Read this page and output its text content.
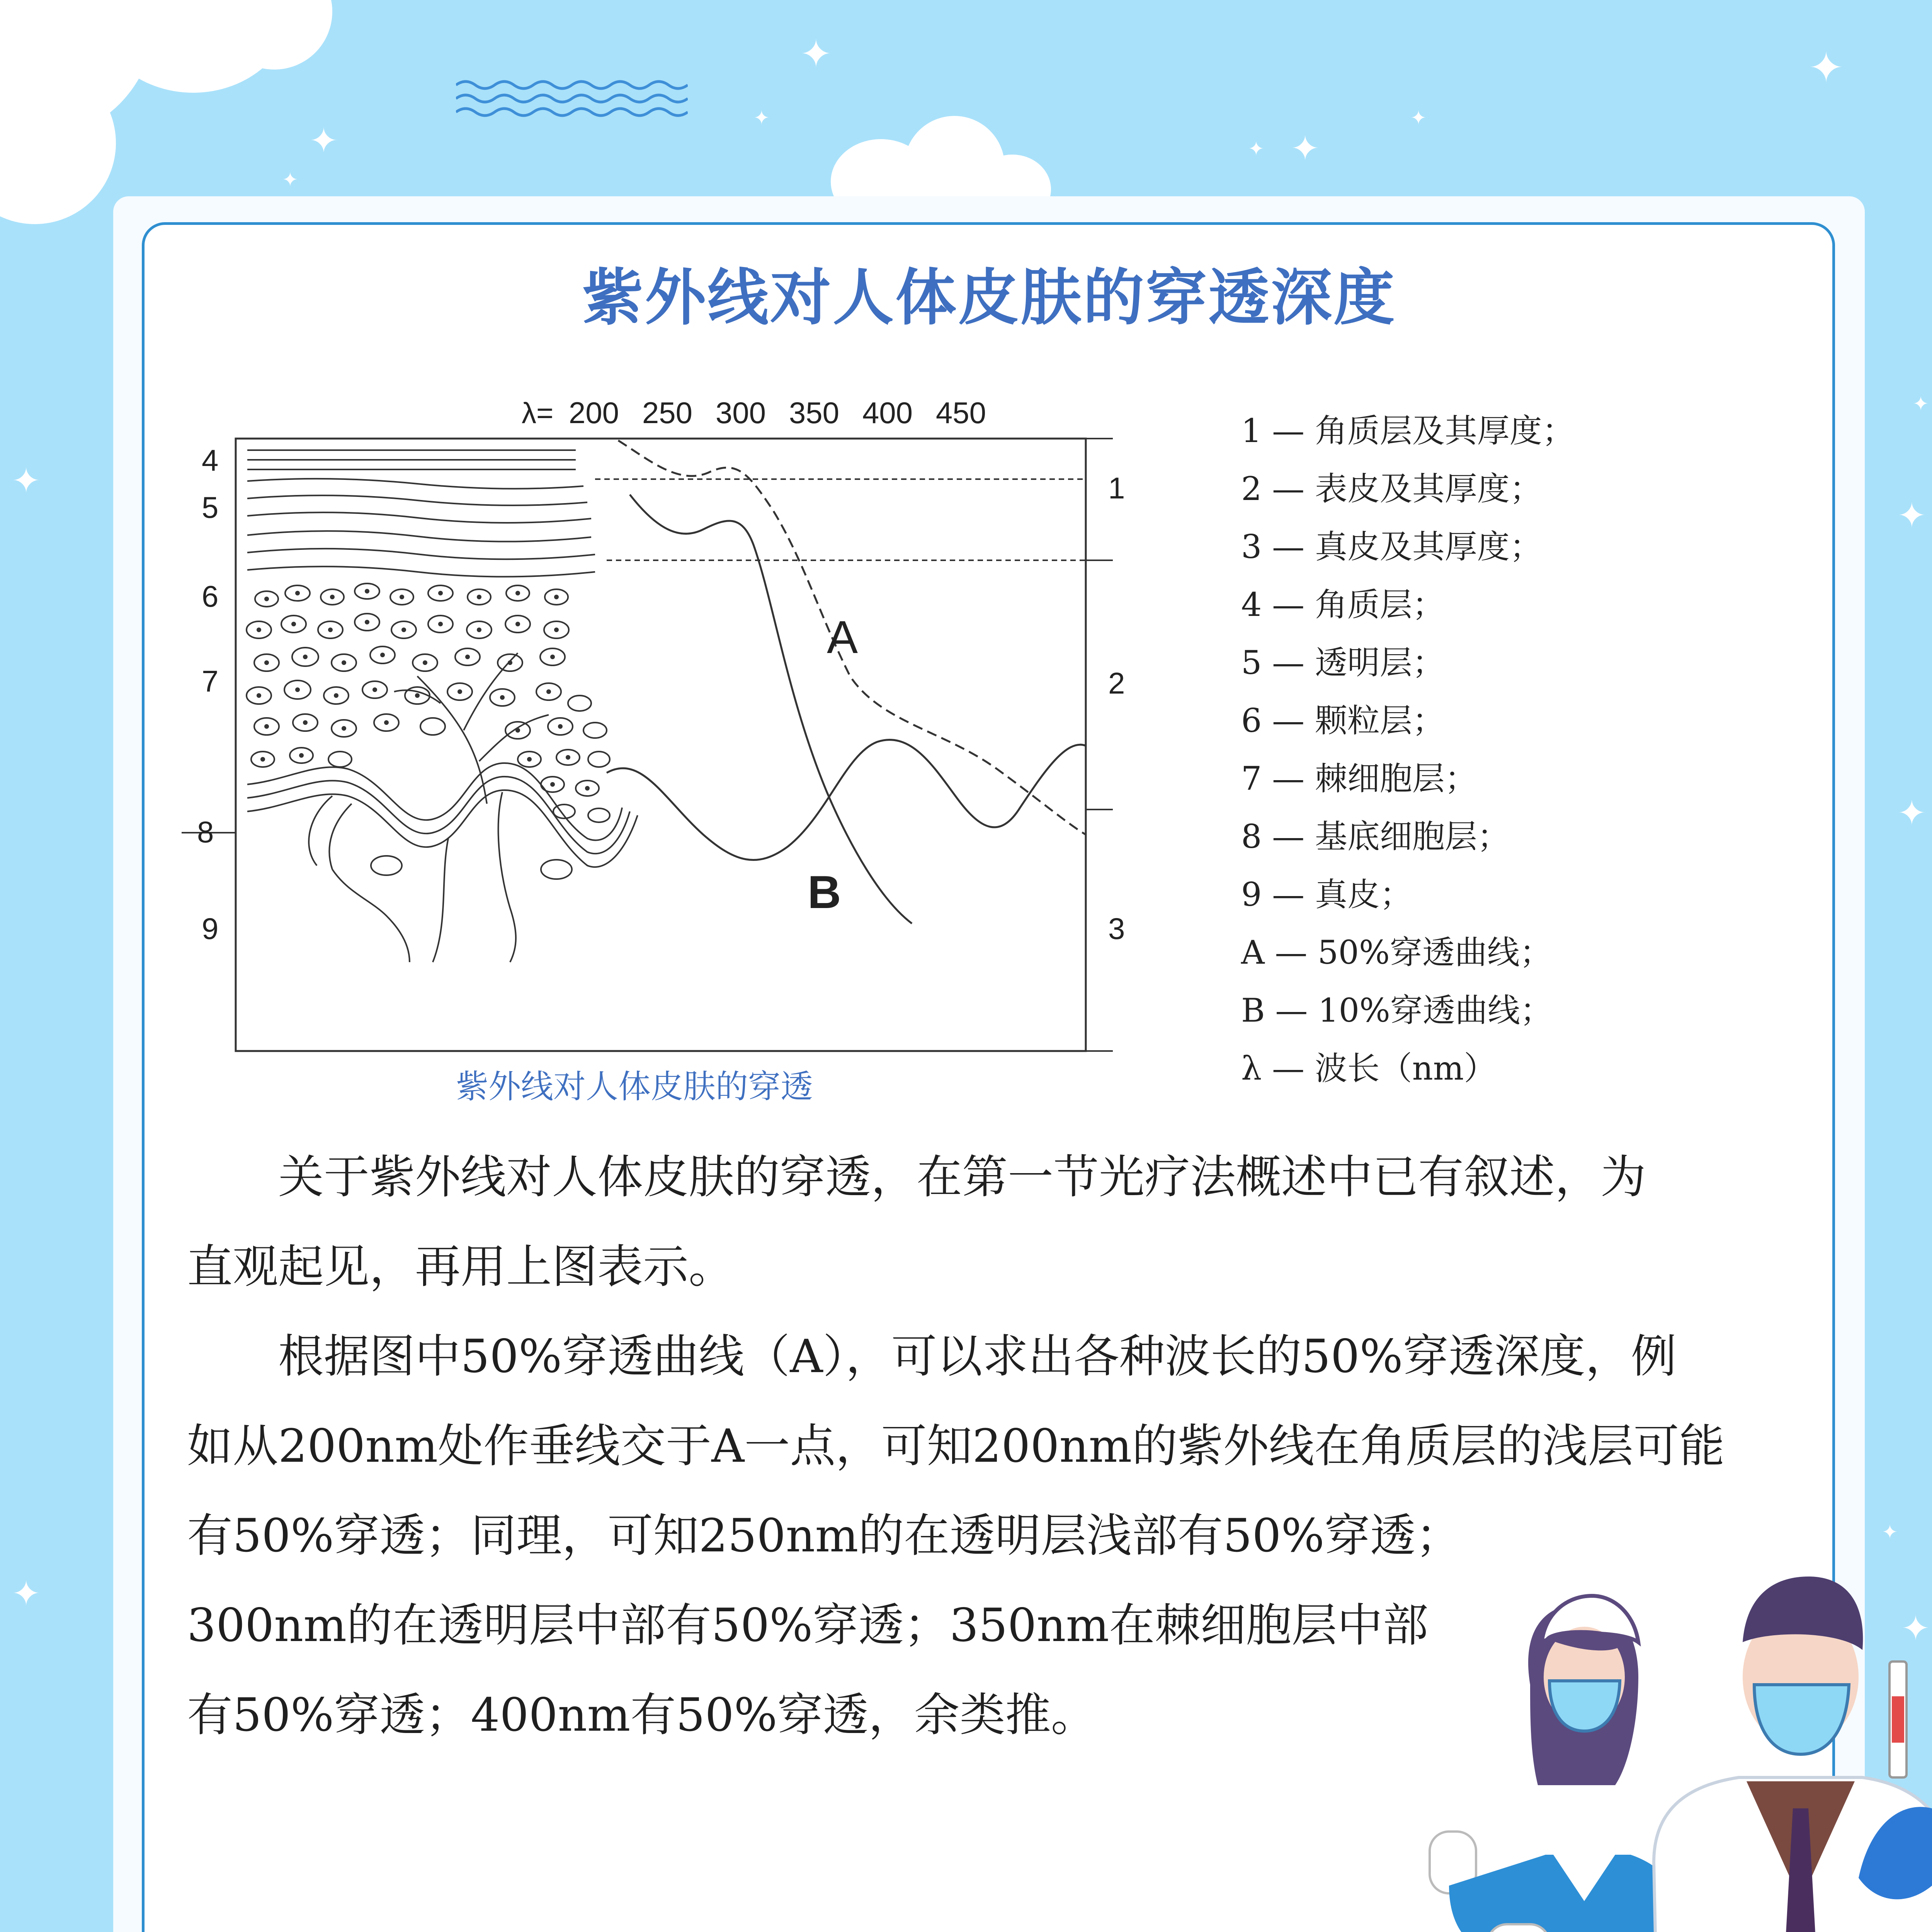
✦
✦
✦
✦
✦
✦
✦
✦
✦
✦
✦
✦
✦
✦
✦
紫外线对人体皮肤的穿透深度
λ= 200 250 300 350 400 450
4
5
6
7
8
9
1
2
3
A
B
1 — 角质层及其厚度；
2 — 表皮及其厚度；
3 — 真皮及其厚度；
4 — 角质层；
5 — 透明层；
6 — 颗粒层；
7 — 棘细胞层；
8 — 基底细胞层；
9 — 真皮；
A — 50%穿透曲线；
B — 10%穿透曲线；
λ — 波长（nm）
关于紫外线对人体皮肤的穿透，在第一节光疗法概述中已有叙述，为
直观起见，再用上图表示。
根据图中50%穿透曲线（A），可以求出各种波长的50%穿透深度，例
如从200nm处作垂线交于A一点，可知200nm的紫外线在角质层的浅层可能
有50%穿透；同理，可知250nm的在透明层浅部有50%穿透；
300nm的在透明层中部有50%穿透；350nm在棘细胞层中部
有50%穿透；400nm有50%穿透，余类推。
